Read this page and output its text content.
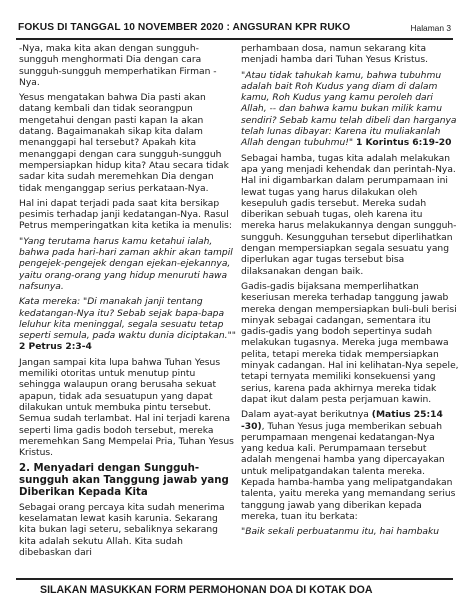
FOKUS DI TANGGAL 10 NOVEMBER 2020 : ANGSURAN KPR RUKO	Halaman 3

-Nya, maka kita akan dengan sungguh-sungguh menghormati Dia dengan cara sungguh-sungguh memperhatikan Firman -Nya.

Yesus mengatakan bahwa Dia pasti akan datang kembali dan tidak seorangpun mengetahui dengan pasti kapan Ia akan datang. Bagaimanakah sikap kita dalam menanggapi hal tersebut? Apakah kita menanggapi dengan cara sungguh-sungguh mempersiapkan hidup kita? Atau secara tidak sadar kita sudah meremehkan Dia dengan tidak menganggap serius perkataan-Nya.

Hal ini dapat terjadi pada saat kita bersikap pesimis terhadap janji kedatangan-Nya. Rasul Petrus memperingatkan kita ketika ia menulis:

"Yang terutama harus kamu ketahui ialah, bahwa pada hari-hari zaman akhir akan tampil pengejek-pengejek dengan ejekan-ejekannya, yaitu orang-orang yang hidup menuruti hawa nafsunya.

Kata mereka: "Di manakah janji tentang kedatangan-Nya itu? Sebab sejak bapa-bapa leluhur kita meninggal, segala sesuatu tetap seperti semula, pada waktu dunia diciptakan."" 2 Petrus 2:3-4

Jangan sampai kita lupa bahwa Tuhan Yesus memiliki otoritas untuk menutup pintu sehingga walaupun orang berusaha sekuat apapun, tidak ada sesuatupun yang dapat dilakukan untuk membuka pintu tersebut. Semua sudah terlambat. Hal ini terjadi karena seperti lima gadis bodoh tersebut, mereka meremehkan Sang Mempelai Pria, Tuhan Yesus Kristus.

2. Menyadari dengan Sungguh-sungguh akan Tanggung jawab yang Diberikan Kepada Kita

Sebagai orang percaya kita sudah menerima keselamatan lewat kasih karunia. Sekarang kita bukan lagi seteru, sebaliknya sekarang kita adalah sekutu Allah. Kita sudah dibebaskan dari

perhambaan dosa, namun sekarang kita menjadi hamba dari Tuhan Yesus Kristus.

"Atau tidak tahukah kamu, bahwa tubuhmu adalah bait Roh Kudus yang diam di dalam kamu, Roh Kudus yang kamu peroleh dari Allah, -- dan bahwa kamu bukan milik kamu sendiri? Sebab kamu telah dibeli dan harganya telah lunas dibayar: Karena itu muliakanlah Allah dengan tubuhmu!" 1 Korintus 6:19-20

Sebagai hamba, tugas kita adalah melakukan apa yang menjadi kehendak dan perintah-Nya. Hal ini digambarkan dalam perumpamaan ini lewat tugas yang harus dilakukan oleh kesepuluh gadis tersebut. Mereka sudah diberikan sebuah tugas, oleh karena itu mereka harus melakukannya dengan sungguh-sungguh. Kesungguhan tersebut diperlihatkan dengan mempersiapkan segala sesuatu yang diperlukan agar tugas tersebut bisa dilaksanakan dengan baik.

Gadis-gadis bijaksana memperlihatkan keseriusan mereka terhadap tanggung jawab mereka dengan mempersiapkan buli-buli berisi minyak sebagai cadangan, sementara itu gadis-gadis yang bodoh sepertinya sudah melakukan tugasnya. Mereka juga membawa pelita, tetapi mereka tidak mempersiapkan minyak cadangan. Hal ini kelihatan-Nya sepele, tetapi ternyata memiliki konsekuensi yang serius, karena pada akhirnya mereka tidak dapat ikut dalam pesta perjamuan kawin.

Dalam ayat-ayat berikutnya (Matius 25:14 -30), Tuhan Yesus juga memberikan sebuah perumpamaan mengenai kedatangan-Nya yang kedua kali. Perumpamaan tersebut adalah mengenai hamba yang dipercayakan untuk melipatgandakan talenta mereka. Kepada hamba-hamba yang melipatgandakan talenta, yaitu mereka yang memandang serius tanggung jawab yang diberikan kepada mereka, tuan itu berkata:

"Baik sekali perbuatanmu itu, hai hambaku

SILAKAN MASUKKAN FORM PERMOHONAN DOA DI KOTAK DOA
